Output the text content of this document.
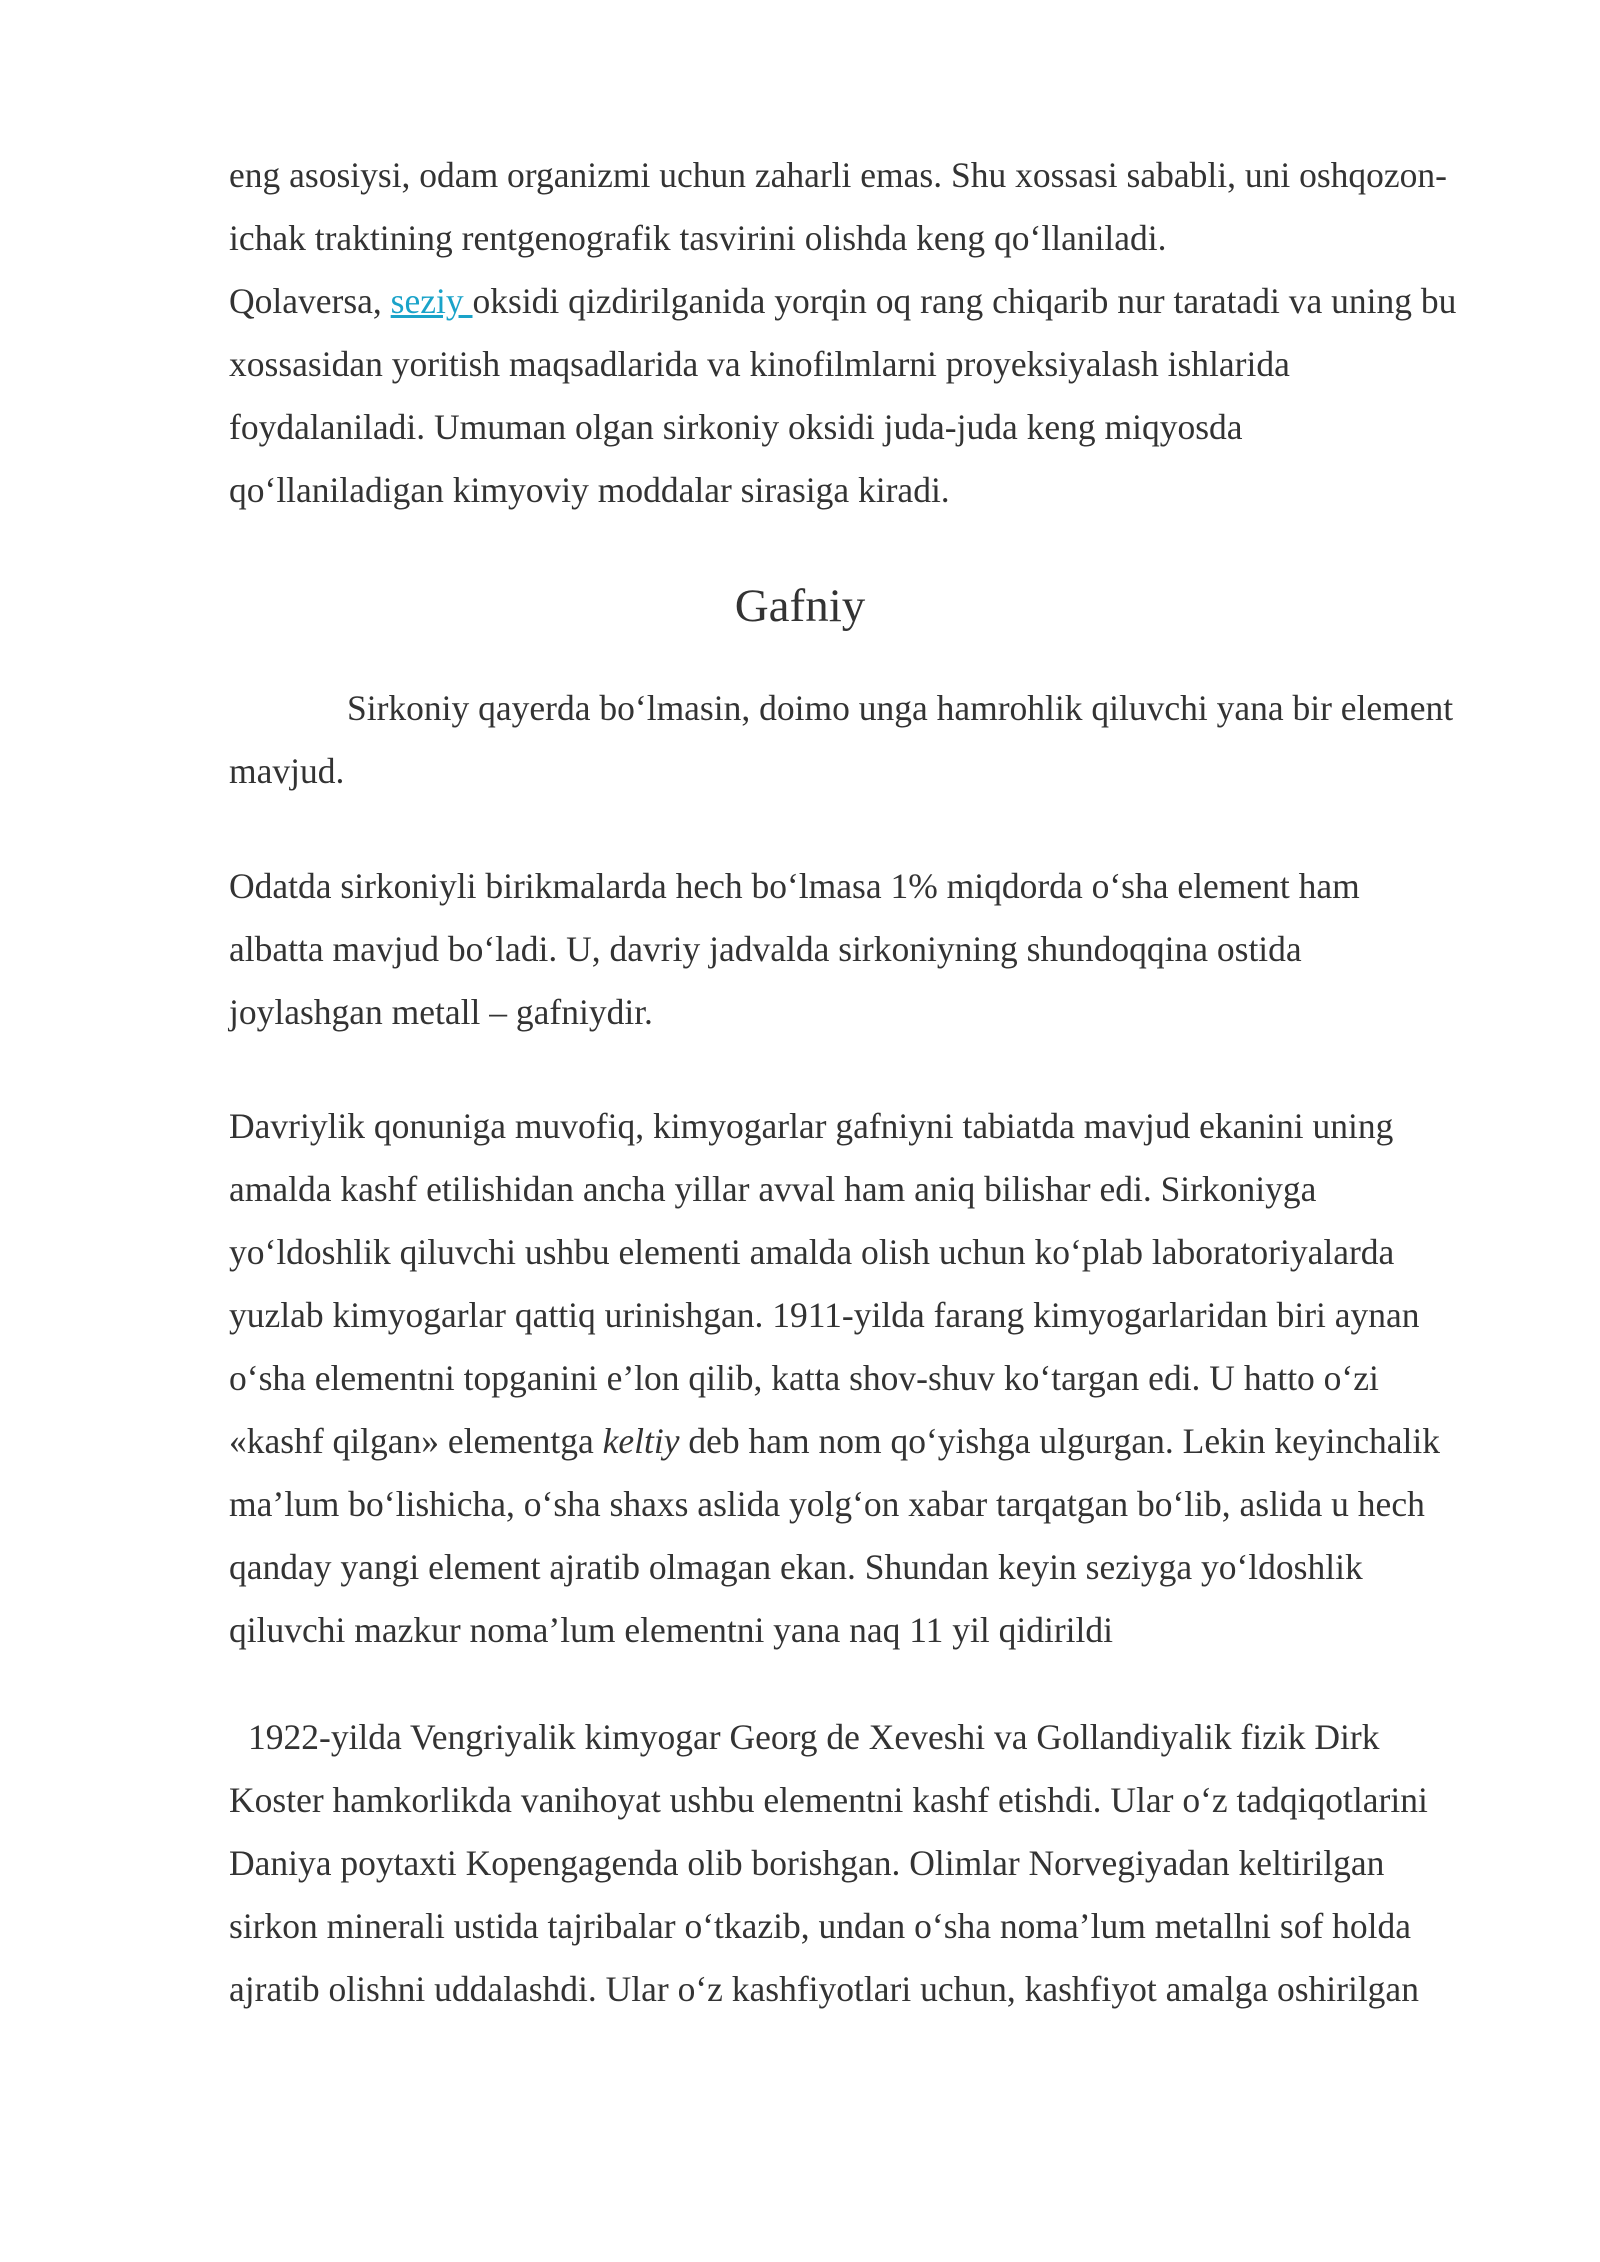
eng asosiysi, odam organizmi uchun zaharli emas. Shu xossasi sababli, uni oshqozon-
ichak traktining rentgenografik tasvirini olishda keng qo‘llaniladi.
Qolaversa, seziy oksidi qizdirilganida yorqin oq rang chiqarib nur taratadi va uning bu
xossasidan yoritish maqsadlarida va kinofilmlarni proyeksiyalash ishlarida
foydalaniladi. Umuman olgan sirkoniy oksidi juda-juda keng miqyosda
qo‘llaniladigan kimyoviy moddalar sirasiga kiradi.

Gafniy

Sirkoniy qayerda bo‘lmasin, doimo unga hamrohlik qiluvchi yana bir element
mavjud.

Odatda sirkoniyli birikmalarda hech bo‘lmasa 1% miqdorda o‘sha element ham
albatta mavjud bo‘ladi. U, davriy jadvalda sirkoniyning shundoqqina ostida
joylashgan metall – gafniydir.

Davriylik qonuniga muvofiq, kimyogarlar gafniyni tabiatda mavjud ekanini uning
amalda kashf etilishidan ancha yillar avval ham aniq bilishar edi. Sirkoniyga
yo‘ldoshlik qiluvchi ushbu elementi amalda olish uchun ko‘plab laboratoriyalarda
yuzlab kimyogarlar qattiq urinishgan. 1911-yilda farang kimyogarlaridan biri aynan
o‘sha elementni topganini e’lon qilib, katta shov-shuv ko‘targan edi. U hatto o‘zi
«kashf qilgan» elementga keltiy deb ham nom qo‘yishga ulgurgan. Lekin keyinchalik
ma’lum bo‘lishicha, o‘sha shaxs aslida yolg‘on xabar tarqatgan bo‘lib, aslida u hech
qanday yangi element ajratib olmagan ekan. Shundan keyin seziyga yo‘ldoshlik
qiluvchi mazkur noma’lum elementni yana naq 11 yil qidirildi

1922-yilda Vengriyalik kimyogar Georg de Xeveshi va Gollandiyalik fizik Dirk
Koster hamkorlikda vanihoyat ushbu elementni kashf etishdi. Ular o‘z tadqiqotlarini
Daniya poytaxti Kopengagenda olib borishgan. Olimlar Norvegiyadan keltirilgan
sirkon minerali ustida tajribalar o‘tkazib, undan o‘sha noma’lum metallni sof holda
ajratib olishni uddalashdi. Ular o‘z kashfiyotlari uchun, kashfiyot amalga oshirilgan
